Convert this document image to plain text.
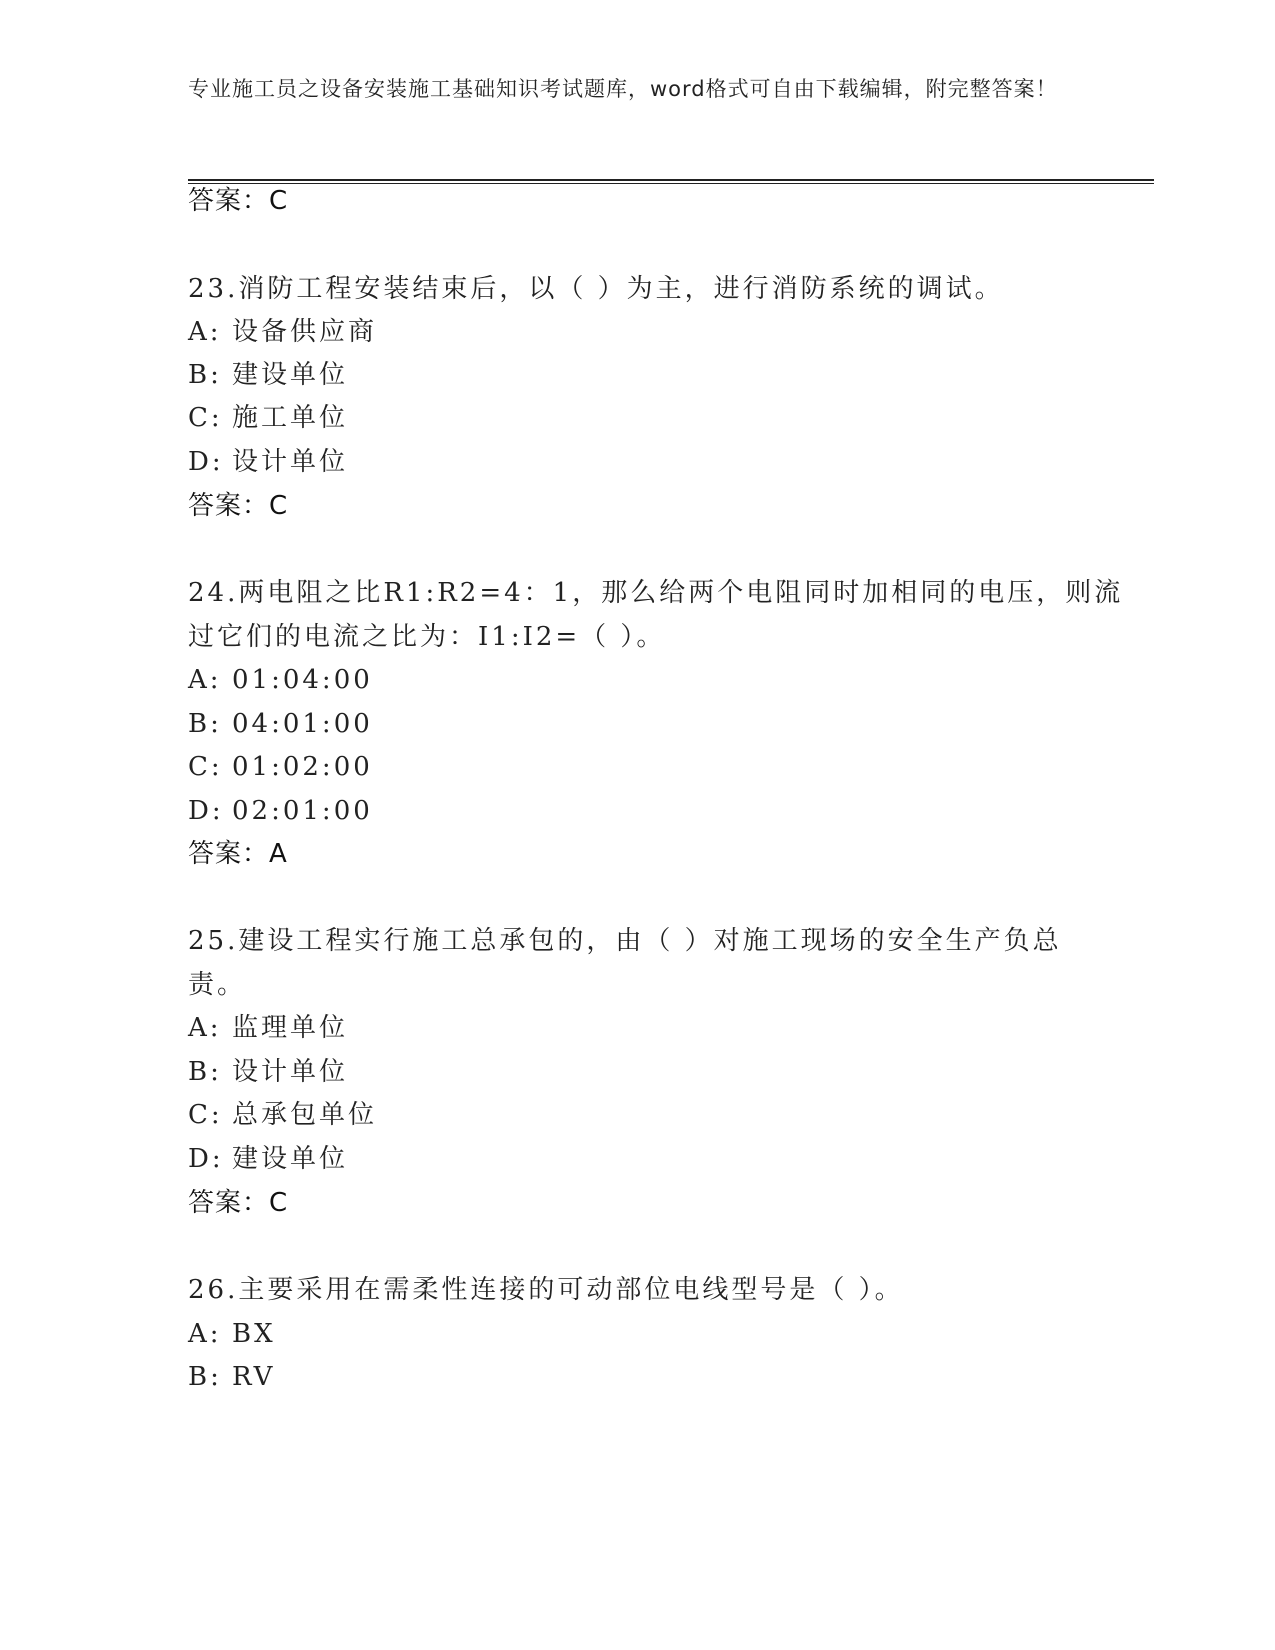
专业施工员之设备安装施工基础知识考试题库，word格式可自由下载编辑，附完整答案！
答案：C
23.消防工程安装结束后，以（ ）为主，进行消防系统的调试。
A: 设备供应商
B: 建设单位
C: 施工单位
D: 设计单位
答案：C
24.两电阻之比R1:R2=4：1，那么给两个电阻同时加相同的电压，则流
过它们的电流之比为：I1:I2=（ ）。
A: 01:04:00
B: 04:01:00
C: 01:02:00
D: 02:01:00
答案：A
25.建设工程实行施工总承包的，由（ ）对施工现场的安全生产负总
责。
A: 监理单位
B: 设计单位
C: 总承包单位
D: 建设单位
答案：C
26.主要采用在需柔性连接的可动部位电线型号是（ ）。
A: BX
B: RV
